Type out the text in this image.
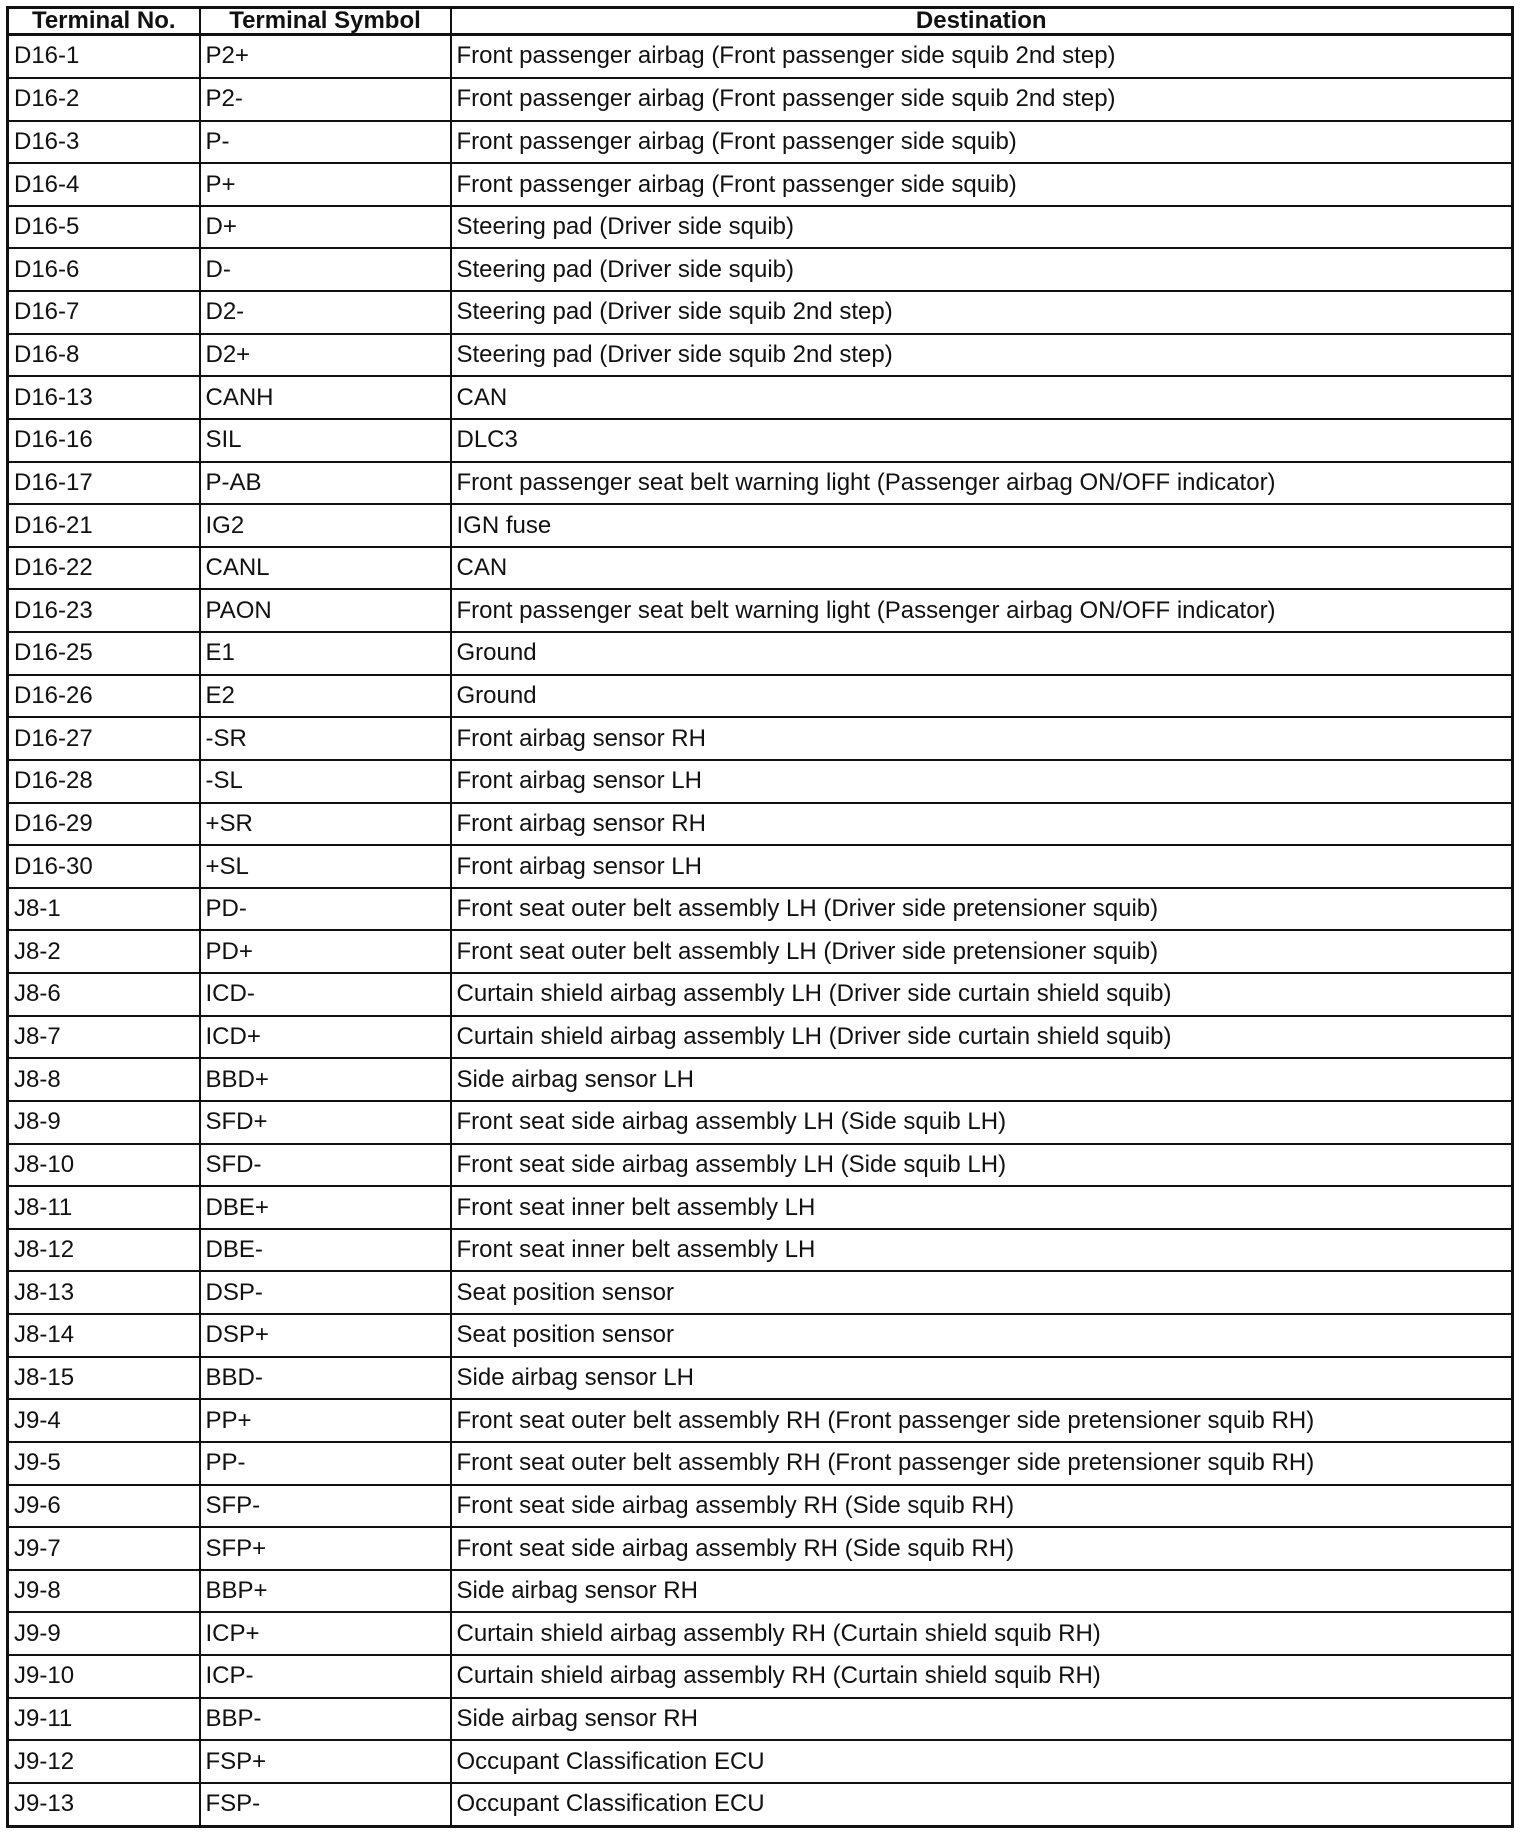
Terminal No.	Terminal Symbol	Destination
D16-1	P2+	Front passenger airbag (Front passenger side squib 2nd step)
D16-2	P2-	Front passenger airbag (Front passenger side squib 2nd step)
D16-3	P-	Front passenger airbag (Front passenger side squib)
D16-4	P+	Front passenger airbag (Front passenger side squib)
D16-5	D+	Steering pad (Driver side squib)
D16-6	D-	Steering pad (Driver side squib)
D16-7	D2-	Steering pad (Driver side squib 2nd step)
D16-8	D2+	Steering pad (Driver side squib 2nd step)
D16-13	CANH	CAN
D16-16	SIL	DLC3
D16-17	P-AB	Front passenger seat belt warning light (Passenger airbag ON/OFF indicator)
D16-21	IG2	IGN fuse
D16-22	CANL	CAN
D16-23	PAON	Front passenger seat belt warning light (Passenger airbag ON/OFF indicator)
D16-25	E1	Ground
D16-26	E2	Ground
D16-27	-SR	Front airbag sensor RH
D16-28	-SL	Front airbag sensor LH
D16-29	+SR	Front airbag sensor RH
D16-30	+SL	Front airbag sensor LH
J8-1	PD-	Front seat outer belt assembly LH (Driver side pretensioner squib)
J8-2	PD+	Front seat outer belt assembly LH (Driver side pretensioner squib)
J8-6	ICD-	Curtain shield airbag assembly LH (Driver side curtain shield squib)
J8-7	ICD+	Curtain shield airbag assembly LH (Driver side curtain shield squib)
J8-8	BBD+	Side airbag sensor LH
J8-9	SFD+	Front seat side airbag assembly LH (Side squib LH)
J8-10	SFD-	Front seat side airbag assembly LH (Side squib LH)
J8-11	DBE+	Front seat inner belt assembly LH
J8-12	DBE-	Front seat inner belt assembly LH
J8-13	DSP-	Seat position sensor
J8-14	DSP+	Seat position sensor
J8-15	BBD-	Side airbag sensor LH
J9-4	PP+	Front seat outer belt assembly RH (Front passenger side pretensioner squib RH)
J9-5	PP-	Front seat outer belt assembly RH (Front passenger side pretensioner squib RH)
J9-6	SFP-	Front seat side airbag assembly RH (Side squib RH)
J9-7	SFP+	Front seat side airbag assembly RH (Side squib RH)
J9-8	BBP+	Side airbag sensor RH
J9-9	ICP+	Curtain shield airbag assembly RH (Curtain shield squib RH)
J9-10	ICP-	Curtain shield airbag assembly RH (Curtain shield squib RH)
J9-11	BBP-	Side airbag sensor RH
J9-12	FSP+	Occupant Classification ECU
J9-13	FSP-	Occupant Classification ECU
